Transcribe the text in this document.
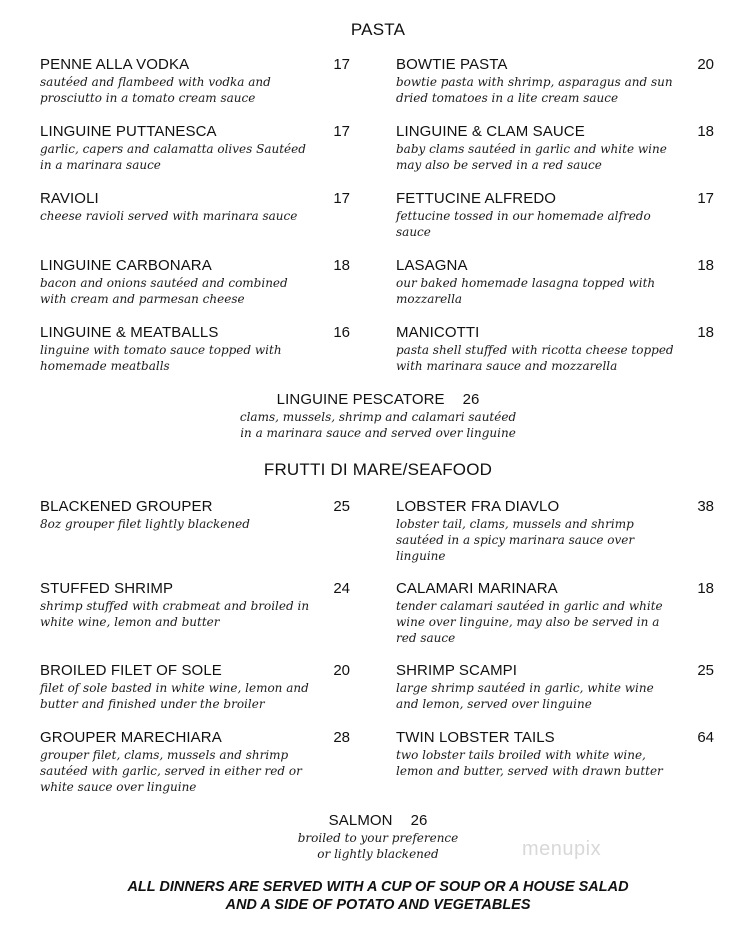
PASTA
PENNE ALLA VODKA	17
sautéed and flambeed with vodka and
prosciutto in a tomato cream sauce
LINGUINE PUTTANESCA	17
garlic, capers and calamatta olives Sautéed
in a marinara sauce
RAVIOLI	17
cheese ravioli served with marinara sauce
LINGUINE CARBONARA	18
bacon and onions sautéed and combined
with cream and parmesan cheese
LINGUINE & MEATBALLS	16
linguine with tomato sauce topped with
homemade meatballs
BOWTIE PASTA	20
bowtie pasta with shrimp, asparagus and sun
dried tomatoes in a lite cream sauce
LINGUINE & CLAM SAUCE	18
baby clams sautéed in garlic and white wine
may also be served in a red sauce
FETTUCINE ALFREDO	17
fettucine tossed in our homemade alfredo
sauce
LASAGNA	18
our baked homemade lasagna topped with
mozzarella
MANICOTTI	18
pasta shell stuffed with ricotta cheese topped
with marinara sauce and mozzarella
LINGUINE PESCATORE 26
clams, mussels, shrimp and calamari sautéed
in a marinara sauce and served over linguine
FRUTTI DI MARE/SEAFOOD
BLACKENED GROUPER	25
8oz grouper filet lightly blackened
STUFFED SHRIMP	24
shrimp stuffed with crabmeat and broiled in
white wine, lemon and butter
BROILED FILET OF SOLE	20
filet of sole basted in white wine, lemon and
butter and finished under the broiler
GROUPER MARECHIARA	28
grouper filet, clams, mussels and shrimp
sautéed with garlic, served in either red or
white sauce over linguine
LOBSTER FRA DIAVLO	38
lobster tail, clams, mussels and shrimp
sautéed in a spicy marinara sauce over
linguine
CALAMARI MARINARA	18
tender calamari sautéed in garlic and white
wine over linguine, may also be served in a
red sauce
SHRIMP SCAMPI	25
large shrimp sautéed in garlic, white wine
and lemon, served over linguine
TWIN LOBSTER TAILS	64
two lobster tails broiled with white wine,
lemon and butter, served with drawn butter
SALMON 26
broiled to your preference
or lightly blackened	menupix
ALL DINNERS ARE SERVED WITH A CUP OF SOUP OR A HOUSE SALAD
AND A SIDE OF POTATO AND VEGETABLES
